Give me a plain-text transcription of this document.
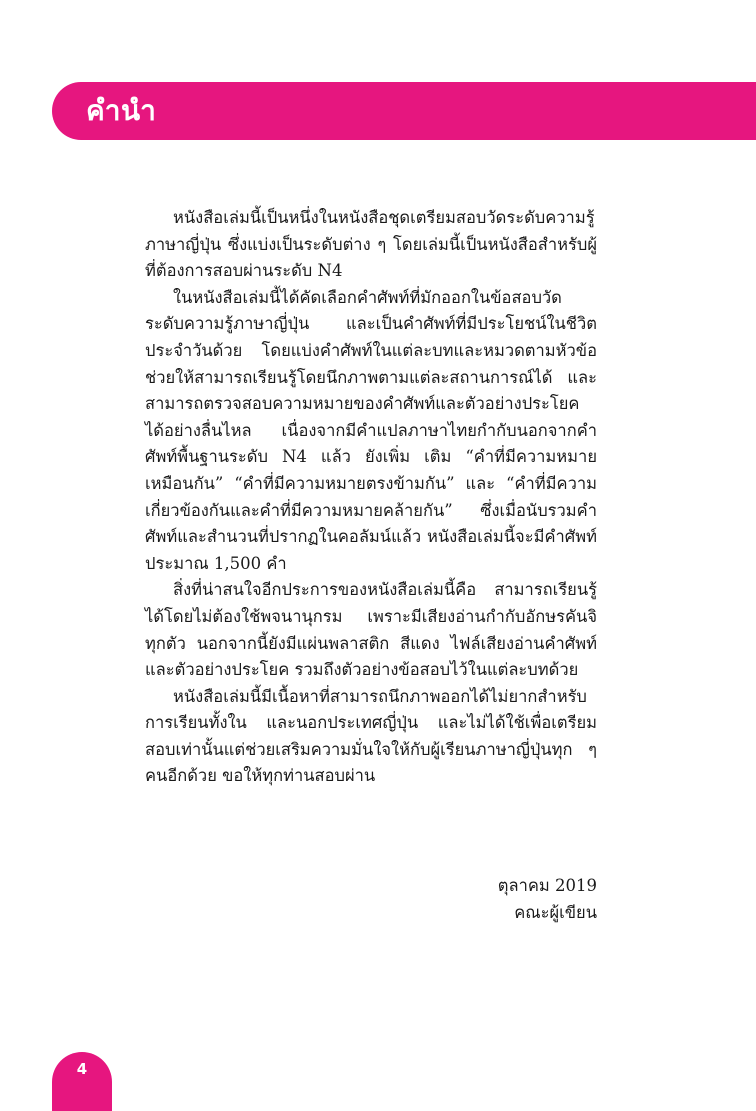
คำนำ

หนังสือเล่มนี้เป็นหนึ่งในหนังสือชุดเตรียมสอบวัดระดับความรู้ภาษาญี่ปุ่น ซึ่งแบ่งเป็นระดับต่าง ๆ โดยเล่มนี้เป็นหนังสือสำหรับผู้ที่ต้องการสอบผ่านระดับ N4

ในหนังสือเล่มนี้ได้คัดเลือกคำศัพท์ที่มักออกในข้อสอบวัดระดับความรู้ภาษาญี่ปุ่น และเป็นคำศัพท์ที่มีประโยชน์ในชีวิตประจำวันด้วย โดยแบ่งคำศัพท์ในแต่ละบทและหมวดตามหัวข้อ ช่วยให้สามารถเรียนรู้โดยนึกภาพตามแต่ละสถานการณ์ได้ และสามารถตรวจสอบความหมายของคำศัพท์และตัวอย่างประโยคได้อย่างลื่นไหล เนื่องจากมีคำแปลภาษาไทยกำกับนอกจากคำศัพท์พื้นฐานระดับ N4 แล้ว ยังเพิ่ม เติม “คำที่มีความหมายเหมือนกัน” “คำที่มีความหมายตรงข้ามกัน” และ “คำที่มีความ เกี่ยวข้องกันและคำที่มีความหมายคล้ายกัน” ซึ่งเมื่อนับรวมคำศัพท์และสำนวนที่ปรากฏในคอลัมน์แล้ว หนังสือเล่มนี้จะมีคำศัพท์ประมาณ 1,500 คำ

สิ่งที่น่าสนใจอีกประการของหนังสือเล่มนี้คือ สามารถเรียนรู้ได้โดยไม่ต้องใช้พจนานุกรม เพราะมีเสียงอ่านกำกับอักษรคันจิทุกตัว นอกจากนี้ยังมีแผ่นพลาสติก สีแดง ไฟล์เสียงอ่านคำศัพท์และตัวอย่างประโยค รวมถึงตัวอย่างข้อสอบไว้ในแต่ละบทด้วย

หนังสือเล่มนี้มีเนื้อหาที่สามารถนึกภาพออกได้ไม่ยากสำหรับการเรียนทั้งใน และนอกประเทศญี่ปุ่น และไม่ได้ใช้เพื่อเตรียมสอบเท่านั้นแต่ช่วยเสริมความมั่นใจให้กับผู้เรียนภาษาญี่ปุ่นทุก ๆ คนอีกด้วย ขอให้ทุกท่านสอบผ่าน

ตุลาคม 2019
คณะผู้เขียน
4
